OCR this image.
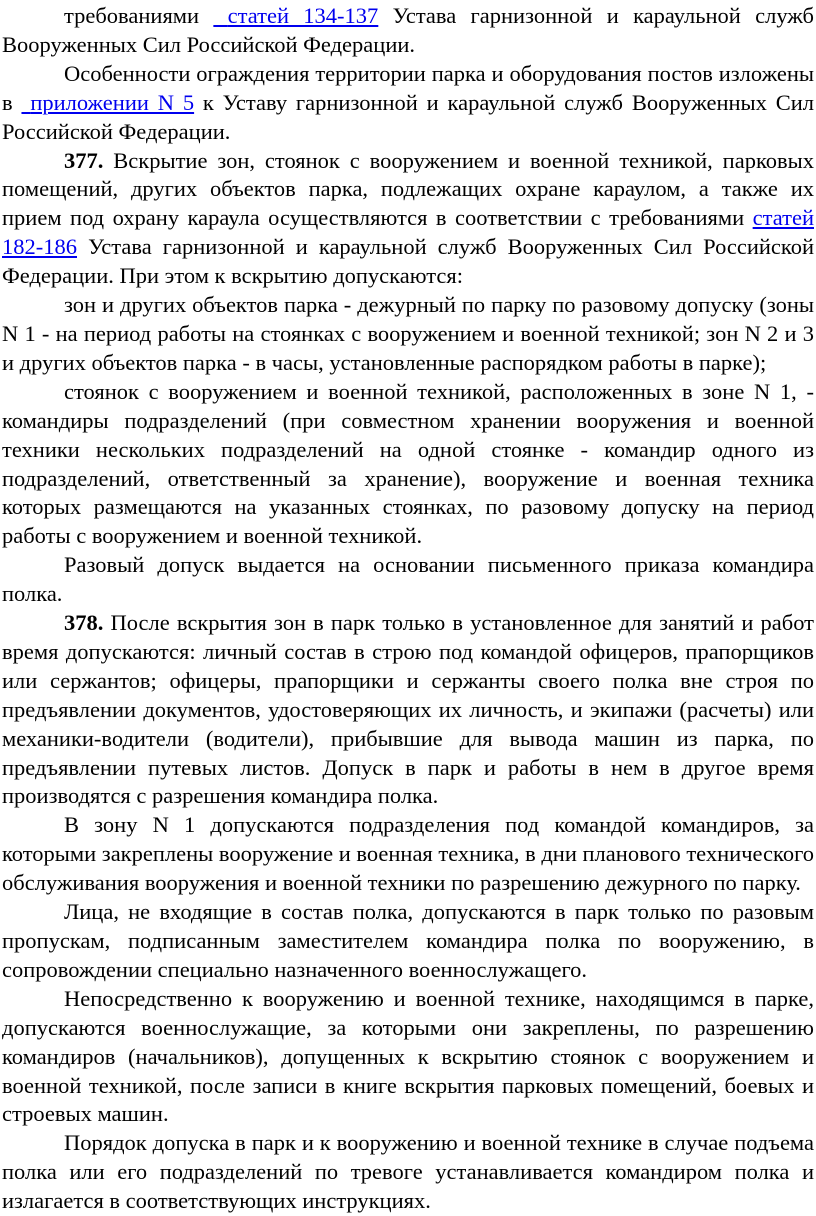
требованиями  статей 134-137 Устава гарнизонной и караульной служб Вооруженных Сил Российской Федерации.

Особенности ограждения территории парка и оборудования постов изложены в  приложении N 5 к Уставу гарнизонной и караульной служб Вооруженных Сил Российской Федерации.

377. Вскрытие зон, стоянок с вооружением и военной техникой, парковых помещений, других объектов парка, подлежащих охране караулом, а также их прием под охрану караула осуществляются в соответствии с требованиями статей 182-186 Устава гарнизонной и караульной служб Вооруженных Сил Российской Федерации. При этом к вскрытию допускаются:

зон и других объектов парка - дежурный по парку по разовому допуску (зоны N 1 - на период работы на стоянках с вооружением и военной техникой; зон N 2 и 3 и других объектов парка - в часы, установленные распорядком работы в парке);

стоянок с вооружением и военной техникой, расположенных в зоне N 1, - командиры подразделений (при совместном хранении вооружения и военной техники нескольких подразделений на одной стоянке - командир одного из подразделений, ответственный за хранение), вооружение и военная техника которых размещаются на указанных стоянках, по разовому допуску на период работы с вооружением и военной техникой.

Разовый допуск выдается на основании письменного приказа командира полка.

378. После вскрытия зон в парк только в установленное для занятий и работ время допускаются: личный состав в строю под командой офицеров, прапорщиков или сержантов; офицеры, прапорщики и сержанты своего полка вне строя по предъявлении документов, удостоверяющих их личность, и экипажи (расчеты) или механики-водители (водители), прибывшие для вывода машин из парка, по предъявлении путевых листов. Допуск в парк и работы в нем в другое время производятся с разрешения командира полка.

В зону N 1 допускаются подразделения под командой командиров, за которыми закреплены вооружение и военная техника, в дни планового технического обслуживания вооружения и военной техники по разрешению дежурного по парку.

Лица, не входящие в состав полка, допускаются в парк только по разовым пропускам, подписанным заместителем командира полка по вооружению, в сопровождении специально назначенного военнослужащего.

Непосредственно к вооружению и военной технике, находящимся в парке, допускаются военнослужащие, за которыми они закреплены, по разрешению командиров (начальников), допущенных к вскрытию стоянок с вооружением и военной техникой, после записи в книге вскрытия парковых помещений, боевых и строевых машин.

Порядок допуска в парк и к вооружению и военной технике в случае подъема полка или его подразделений по тревоге устанавливается командиром полка и излагается в соответствующих инструкциях.
